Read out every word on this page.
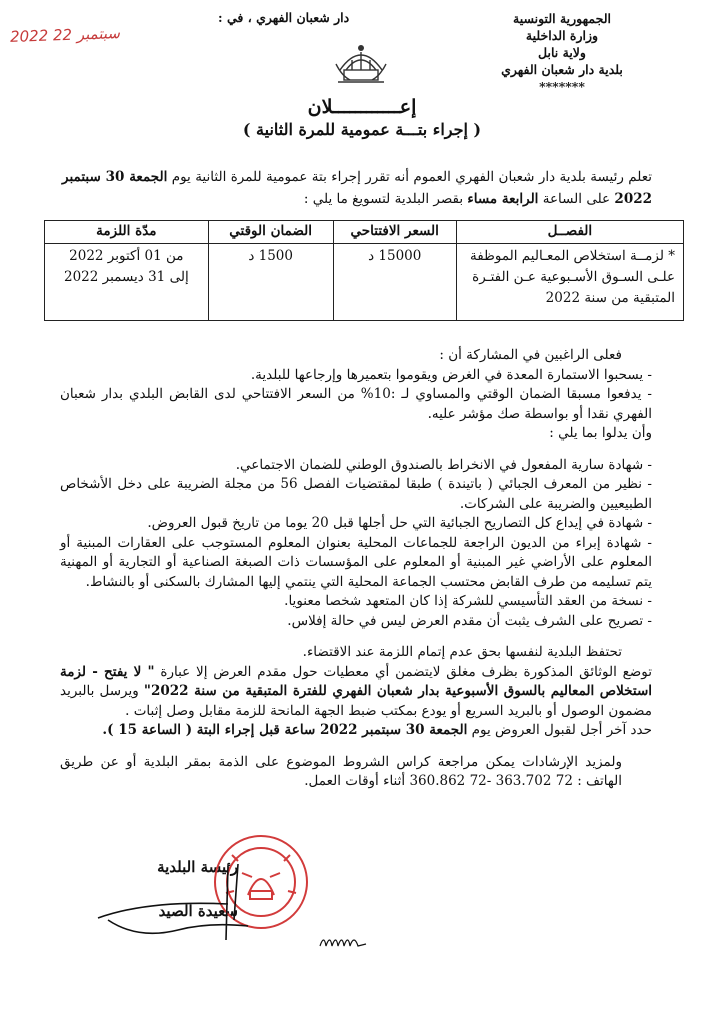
الجمهورية التونسية
وزارة الداخلية
ولاية نابل
بلدية دار شعبان الفهري
*******
دار شعبان الفهري ، في :
2022 سبتمبر 22
إعــــــــــــلان
( إجراء بتـــة عمومية للمرة الثانية )
تعلم رئيسة بلدية دار شعبان الفهري العموم أنه تقرر إجراء بتة عمومية للمرة الثانية يوم الجمعة 30 سبتمبر 2022 على الساعة الرابعة مساء بقصر البلدية لتسويغ ما يلي :
الفصــل	السعر الافتتاحي	الضمان الوقتي	مدّة اللزمة
* لزمــة استخلاص المعـاليم الموظفة علـى السـوق الأسـبوعية عـن الفتـرة المتبقية من سنة 2022	15000 د	1500 د	من 01 أكتوبر 2022
إلى 31 ديسمبر 2022

فعلى الراغبين في المشاركة أن :

- يسحبوا الاستمارة المعدة في الغرض ويقوموا بتعميرها وإرجاعها للبلدية.

- يدفعوا مسبقا الضمان الوقتي والمساوي لـ :10% من السعر الافتتاحي لدى القابض البلدي بدار شعبان الفهري نقدا أو بواسطة صك مؤشر عليه.

وأن يدلوا بما يلي :

- شهادة سارية المفعول في الانخراط بالصندوق الوطني للضمان الاجتماعي.

- نظير من المعرف الجبائي ( باتيندة ) طبقا لمقتضيات الفصل 56 من مجلة الضريبة على دخل الأشخاص الطبيعيين والضريبة على الشركات.

- شهادة في إيداع كل التصاريح الجبائية التي حل أجلها قبل 20 يوما من تاريخ قبول العروض.

- شهادة إبراء من الديون الراجعة للجماعات المحلية بعنوان المعلوم المستوجب على العقارات المبنية أو المعلوم على الأراضي غير المبنية أو المعلوم على المؤسسات ذات الصبغة الصناعية أو التجارية أو المهنية يتم تسليمه من طرف القابض محتسب الجماعة المحلية التي ينتمي إليها المشارك بالسكنى أو بالنشاط.

- نسخة من العقد التأسيسي للشركة إذا كان المتعهد شخصا معنويا.

- تصريح على الشرف يثبت أن مقدم العرض ليس في حالة إفلاس.

تحتفظ البلدية لنفسها بحق عدم إتمام اللزمة عند الاقتضاء.

توضع الوثائق المذكورة بظرف مغلق لايتضمن أي معطيات حول مقدم العرض إلا عبارة " لا يفتح - لزمة استخلاص المعاليم بالسوق الأسبوعية بدار شعبان الفهري للفترة المتبقية من سنة 2022" ويرسل بالبريد مضمون الوصول أو بالبريد السريع أو يودع بمكتب ضبط الجهة المانحة للزمة مقابل وصل إثبات .

حدد آخر أجل لقبول العروض يوم الجمعة 30 سبتمبر 2022 ساعة قبل إجراء البتة ( الساعة 15 ).

ولمزيد الإرشادات يمكن مراجعة كراس الشروط الموضوع على الذمة بمقر البلدية أو عن طريق الهاتف : 72 363.702 -72 360.862 أثناء أوقات العمل.

رئيسة البلدية
سعيدة الصيد
